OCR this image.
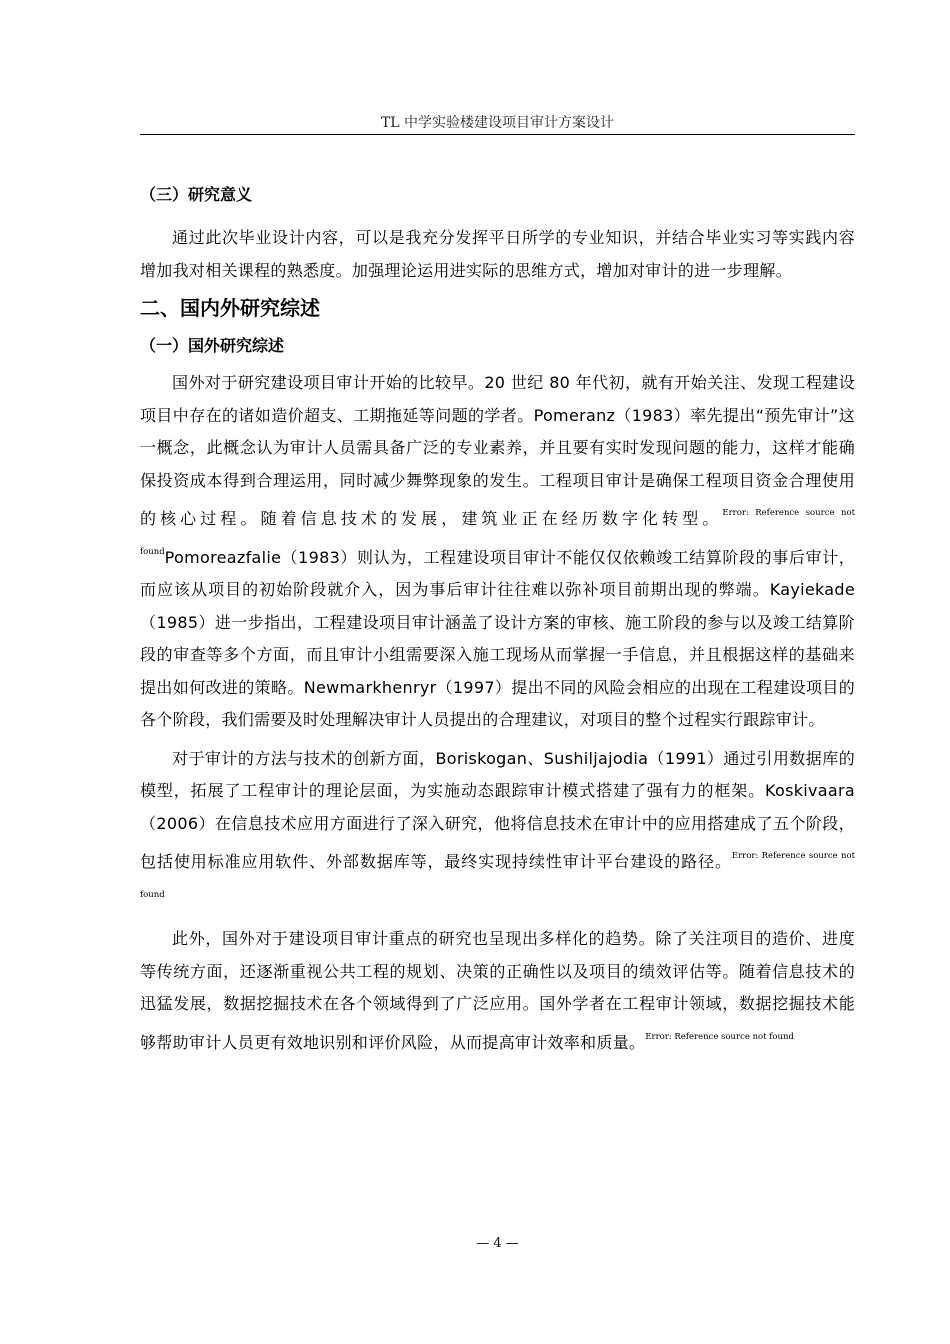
TL 中学实验楼建设项目审计方案设计
（三）研究意义

通过此次毕业设计内容，可以是我充分发挥平日所学的专业知识，并结合毕业实习等实践内容增加我对相关课程的熟悉度。加强理论运用进实际的思维方式，增加对审计的进一步理解。

二、国内外研究综述
（一）国外研究综述

国外对于研究建设项目审计开始的比较早。20 世纪 80 年代初，就有开始关注、发现工程建设项目中存在的诸如造价超支、工期拖延等问题的学者。Pomeranz（1983）率先提出“预先审计”这一概念，此概念认为审计人员需具备广泛的专业素养，并且要有实时发现问题的能力，这样才能确保投资成本得到合理运用，同时减少舞弊现象的发生。工程项目审计是确保工程项目资金合理使用的核心过程。随着信息技术的发展，建筑业正在经历数字化转型。$^{Error: Reference source not found}$Pomoreazfalie（1983）则认为，工程建设项目审计不能仅仅依赖竣工结算阶段的事后审计，而应该从项目的初始阶段就介入，因为事后审计往往难以弥补项目前期出现的弊端。Kayiekade（1985）进一步指出，工程建设项目审计涵盖了设计方案的审核、施工阶段的参与以及竣工结算阶段的审查等多个方面，而且审计小组需要深入施工现场从而掌握一手信息，并且根据这样的基础来提出如何改进的策略。Newmarkhenryr（1997）提出不同的风险会相应的出现在工程建设项目的各个阶段，我们需要及时处理解决审计人员提出的合理建议，对项目的整个过程实行跟踪审计。

对于审计的方法与技术的创新方面，Boriskogan、Sushiljajodia（1991）通过引用数据库的模型，拓展了工程审计的理论层面，为实施动态跟踪审计模式搭建了强有力的框架。Koskivaara（2006）在信息技术应用方面进行了深入研究，他将信息技术在审计中的应用搭建成了五个阶段，包括使用标准应用软件、外部数据库等，最终实现持续性审计平台建设的路径。$^{Error: Reference source not found}$

此外，国外对于建设项目审计重点的研究也呈现出多样化的趋势。除了关注项目的造价、进度等传统方面，还逐渐重视公共工程的规划、决策的正确性以及项目的绩效评估等。随着信息技术的迅猛发展，数据挖掘技术在各个领域得到了广泛应用。国外学者在工程审计领域，数据挖掘技术能够帮助审计人员更有效地识别和评价风险，从而提高审计效率和质量。$^{Error: Reference source not found}$

— 4 —
